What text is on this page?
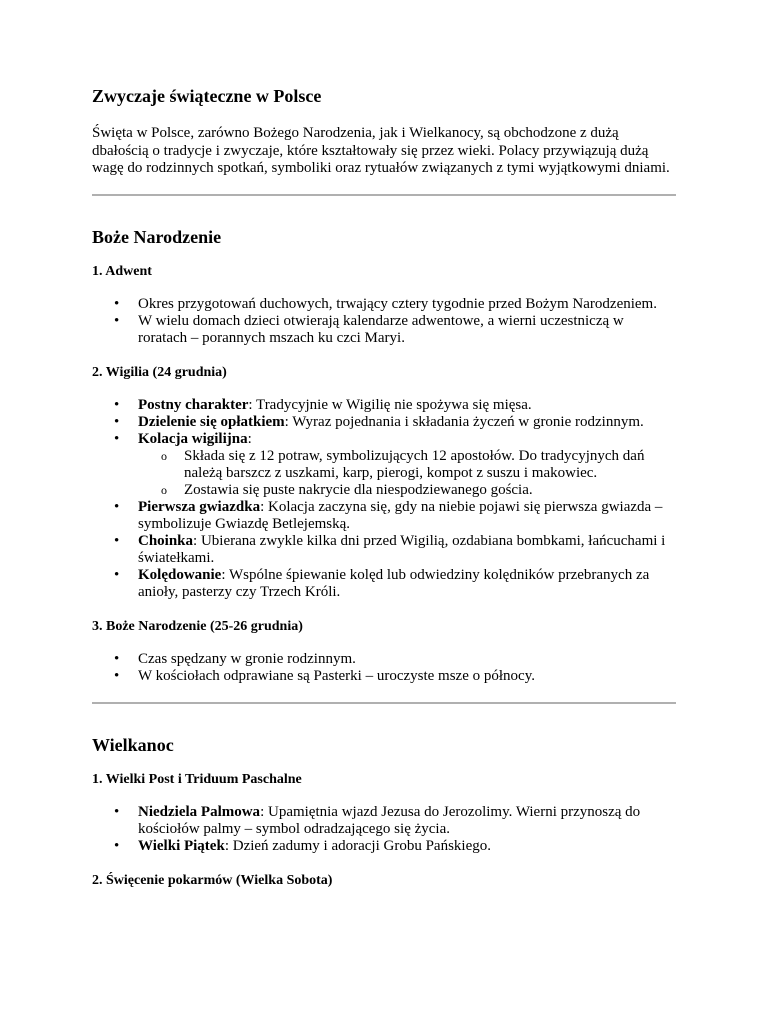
Zwyczaje świąteczne w Polsce

Święta w Polsce, zarówno Bożego Narodzenia, jak i Wielkanocy, są obchodzone z dużą dbałością o tradycje i zwyczaje, które kształtowały się przez wieki. Polacy przywiązują dużą wagę do rodzinnych spotkań, symboliki oraz rytuałów związanych z tymi wyjątkowymi dniami.

Boże Narodzenie
1. Adwent
• Okres przygotowań duchowych, trwający cztery tygodnie przed Bożym Narodzeniem.
• W wielu domach dzieci otwierają kalendarze adwentowe, a wierni uczestniczą w roratach – porannych mszach ku czci Maryi.
2. Wigilia (24 grudnia)
• Postny charakter: Tradycyjnie w Wigilię nie spożywa się mięsa.
• Dzielenie się opłatkiem: Wyraz pojednania i składania życzeń w gronie rodzinnym.
• Kolacja wigilijna:
o Składa się z 12 potraw, symbolizujących 12 apostołów. Do tradycyjnych dań należą barszcz z uszkami, karp, pierogi, kompot z suszu i makowiec.
o Zostawia się puste nakrycie dla niespodziewanego gościa.
• Pierwsza gwiazdka: Kolacja zaczyna się, gdy na niebie pojawi się pierwsza gwiazda – symbolizuje Gwiazdę Betlejemską.
• Choinka: Ubierana zwykle kilka dni przed Wigilią, ozdabiana bombkami, łańcuchami i światełkami.
• Kolędowanie: Wspólne śpiewanie kolęd lub odwiedziny kolędników przebranych za anioły, pasterzy czy Trzech Króli.
3. Boże Narodzenie (25-26 grudnia)
• Czas spędzany w gronie rodzinnym.
• W kościołach odprawiane są Pasterki – uroczyste msze o północy.
Wielkanoc
1. Wielki Post i Triduum Paschalne
• Niedziela Palmowa: Upamiętnia wjazd Jezusa do Jerozolimy. Wierni przynoszą do kościołów palmy – symbol odradzającego się życia.
• Wielki Piątek: Dzień zadumy i adoracji Grobu Pańskiego.
2. Święcenie pokarmów (Wielka Sobota)
